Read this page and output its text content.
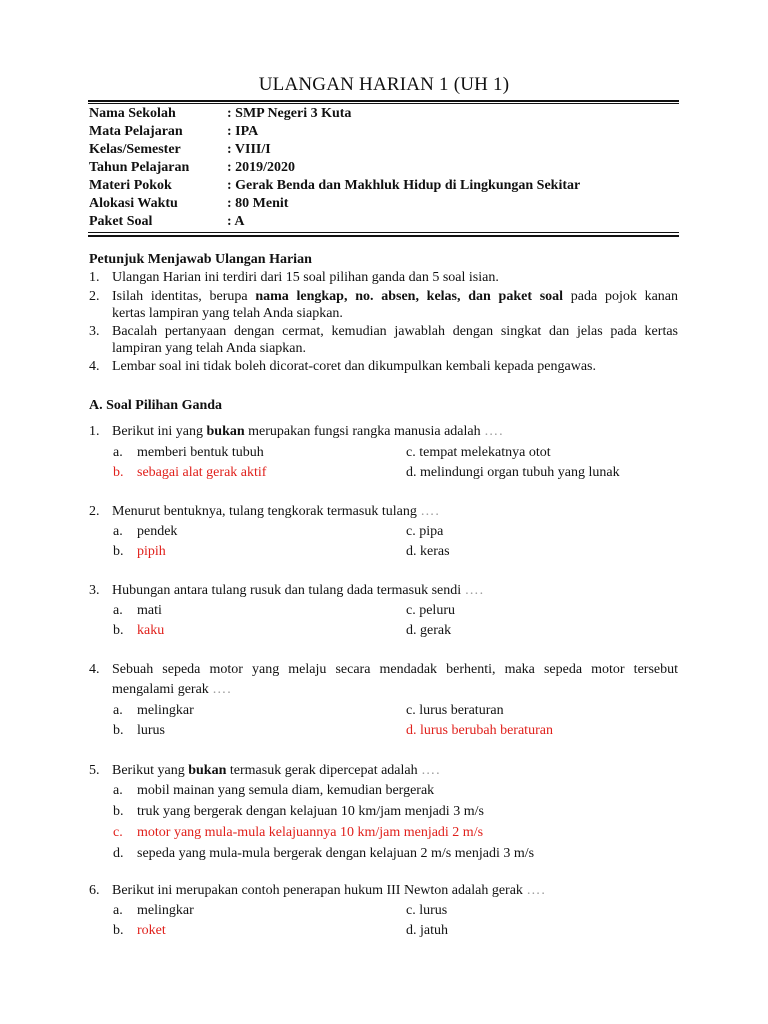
ULANGAN HARIAN 1 (UH 1)
Nama Sekolah	: SMP Negeri 3 Kuta
Mata Pelajaran	: IPA
Kelas/Semester	: VIII/I
Tahun Pelajaran	: 2019/2020
Materi Pokok	: Gerak Benda dan Makhluk Hidup di Lingkungan Sekitar
Alokasi Waktu	: 80 Menit
Paket Soal	: A
Petunjuk Menjawab Ulangan Harian
1. Ulangan Harian ini terdiri dari 15 soal pilihan ganda dan 5 soal isian.
2. Isilah identitas, berupa nama lengkap, no. absen, kelas, dan paket soal pada pojok kanan
kertas lampiran yang telah Anda siapkan.
3. Bacalah pertanyaan dengan cermat, kemudian jawablah dengan singkat dan jelas pada kertas
lampiran yang telah Anda siapkan.
4. Lembar soal ini tidak boleh dicorat-coret dan dikumpulkan kembali kepada pengawas.
A. Soal Pilihan Ganda
1. Berikut ini yang bukan merupakan fungsi rangka manusia adalah ….
a. memberi bentuk tubuh	c. tempat melekatnya otot
b. sebagai alat gerak aktif	d. melindungi organ tubuh yang lunak
2. Menurut bentuknya, tulang tengkorak termasuk tulang ….
a. pendek	c. pipa
b. pipih	d. keras
3. Hubungan antara tulang rusuk dan tulang dada termasuk sendi ….
a. mati	c. peluru
b. kaku	d. gerak
4. Sebuah sepeda motor yang melaju secara mendadak berhenti, maka sepeda motor tersebut
mengalami gerak ….
a. melingkar	c. lurus beraturan
b. lurus	d. lurus berubah beraturan
5. Berikut yang bukan termasuk gerak dipercepat adalah ….
a. mobil mainan yang semula diam, kemudian bergerak
b. truk yang bergerak dengan kelajuan 10 km/jam menjadi 3 m/s
c. motor yang mula-mula kelajuannya 10 km/jam menjadi 2 m/s
d. sepeda yang mula-mula bergerak dengan kelajuan 2 m/s menjadi 3 m/s
6. Berikut ini merupakan contoh penerapan hukum III Newton adalah gerak ….
a. melingkar	c. lurus
b. roket	d. jatuh
